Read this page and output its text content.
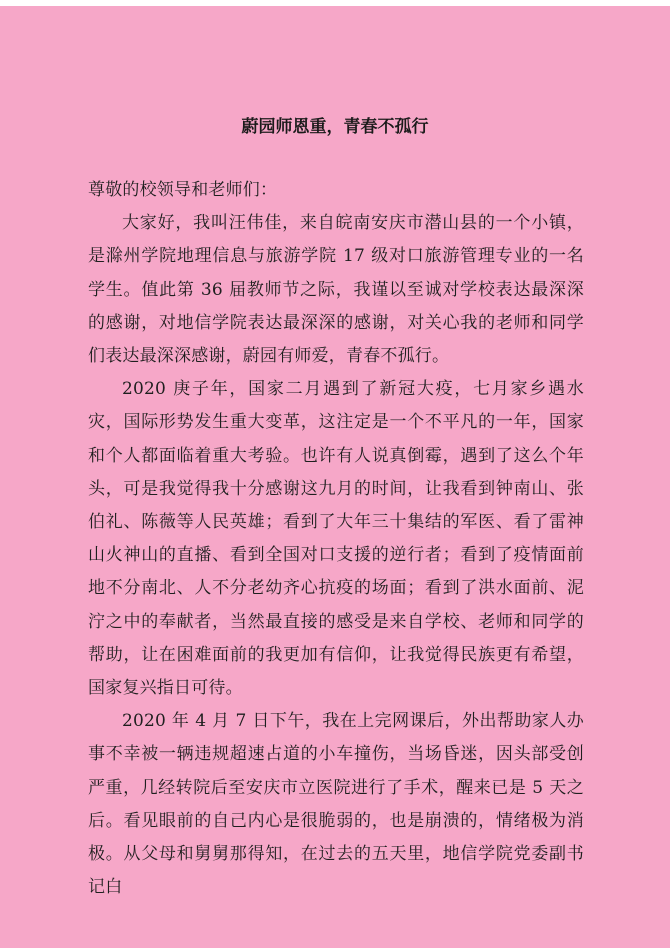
蔚园师恩重，青春不孤行

尊敬的校领导和老师们：

大家好，我叫汪伟佳，来自皖南安庆市潜山县的一个小镇，是滁州学院地理信息与旅游学院 17 级对口旅游管理专业的一名学生。值此第 36 届教师节之际，我谨以至诚对学校表达最深深的感谢，对地信学院表达最深深的感谢，对关心我的老师和同学们表达最深深感谢，蔚园有师爱，青春不孤行。

2020 庚子年，国家二月遇到了新冠大疫，七月家乡遇水灾，国际形势发生重大变革，这注定是一个不平凡的一年，国家和个人都面临着重大考验。也许有人说真倒霉，遇到了这么个年头，可是我觉得我十分感谢这九月的时间，让我看到钟南山、张伯礼、陈薇等人民英雄；看到了大年三十集结的军医、看了雷神山火神山的直播、看到全国对口支援的逆行者；看到了疫情面前地不分南北、人不分老幼齐心抗疫的场面；看到了洪水面前、泥泞之中的奉献者，当然最直接的感受是来自学校、老师和同学的帮助，让在困难面前的我更加有信仰，让我觉得民族更有希望，国家复兴指日可待。

2020 年 4 月 7 日下午，我在上完网课后，外出帮助家人办事不幸被一辆违规超速占道的小车撞伤，当场昏迷，因头部受创严重，几经转院后至安庆市立医院进行了手术，醒来已是 5 天之后。看见眼前的自己内心是很脆弱的，也是崩溃的，情绪极为消极。从父母和舅舅那得知，在过去的五天里，地信学院党委副书记白
